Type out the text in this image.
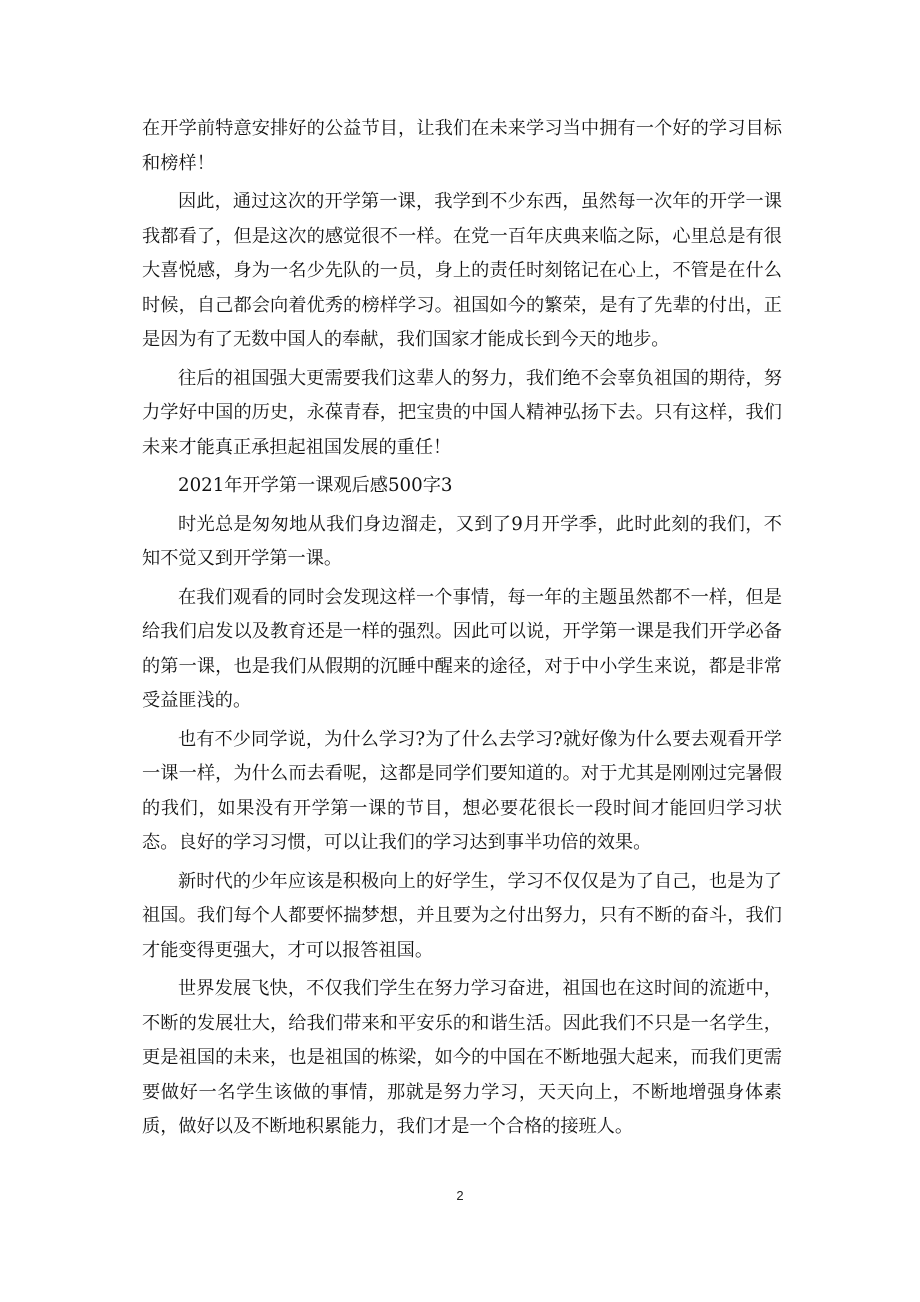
在开学前特意安排好的公益节目，让我们在未来学习当中拥有一个好的学习目标和榜样！

因此，通过这次的开学第一课，我学到不少东西，虽然每一次年的开学一课我都看了，但是这次的感觉很不一样。在党一百年庆典来临之际，心里总是有很大喜悦感，身为一名少先队的一员，身上的责任时刻铭记在心上，不管是在什么时候，自己都会向着优秀的榜样学习。祖国如今的繁荣，是有了先辈的付出，正是因为有了无数中国人的奉献，我们国家才能成长到今天的地步。

往后的祖国强大更需要我们这辈人的努力，我们绝不会辜负祖国的期待，努力学好中国的历史，永葆青春，把宝贵的中国人精神弘扬下去。只有这样，我们未来才能真正承担起祖国发展的重任！

2021年开学第一课观后感500字3

时光总是匆匆地从我们身边溜走，又到了9月开学季，此时此刻的我们，不知不觉又到开学第一课。

在我们观看的同时会发现这样一个事情，每一年的主题虽然都不一样，但是给我们启发以及教育还是一样的强烈。因此可以说，开学第一课是我们开学必备的第一课，也是我们从假期的沉睡中醒来的途径，对于中小学生来说，都是非常受益匪浅的。

也有不少同学说，为什么学习?为了什么去学习?就好像为什么要去观看开学一课一样，为什么而去看呢，这都是同学们要知道的。对于尤其是刚刚过完暑假的我们，如果没有开学第一课的节目，想必要花很长一段时间才能回归学习状态。良好的学习习惯，可以让我们的学习达到事半功倍的效果。

新时代的少年应该是积极向上的好学生，学习不仅仅是为了自己，也是为了祖国。我们每个人都要怀揣梦想，并且要为之付出努力，只有不断的奋斗，我们才能变得更强大，才可以报答祖国。

世界发展飞快，不仅我们学生在努力学习奋进，祖国也在这时间的流逝中，不断的发展壮大，给我们带来和平安乐的和谐生活。因此我们不只是一名学生，更是祖国的未来，也是祖国的栋梁，如今的中国在不断地强大起来，而我们更需要做好一名学生该做的事情，那就是努力学习，天天向上，不断地增强身体素质，做好以及不断地积累能力，我们才是一个合格的接班人。

2
